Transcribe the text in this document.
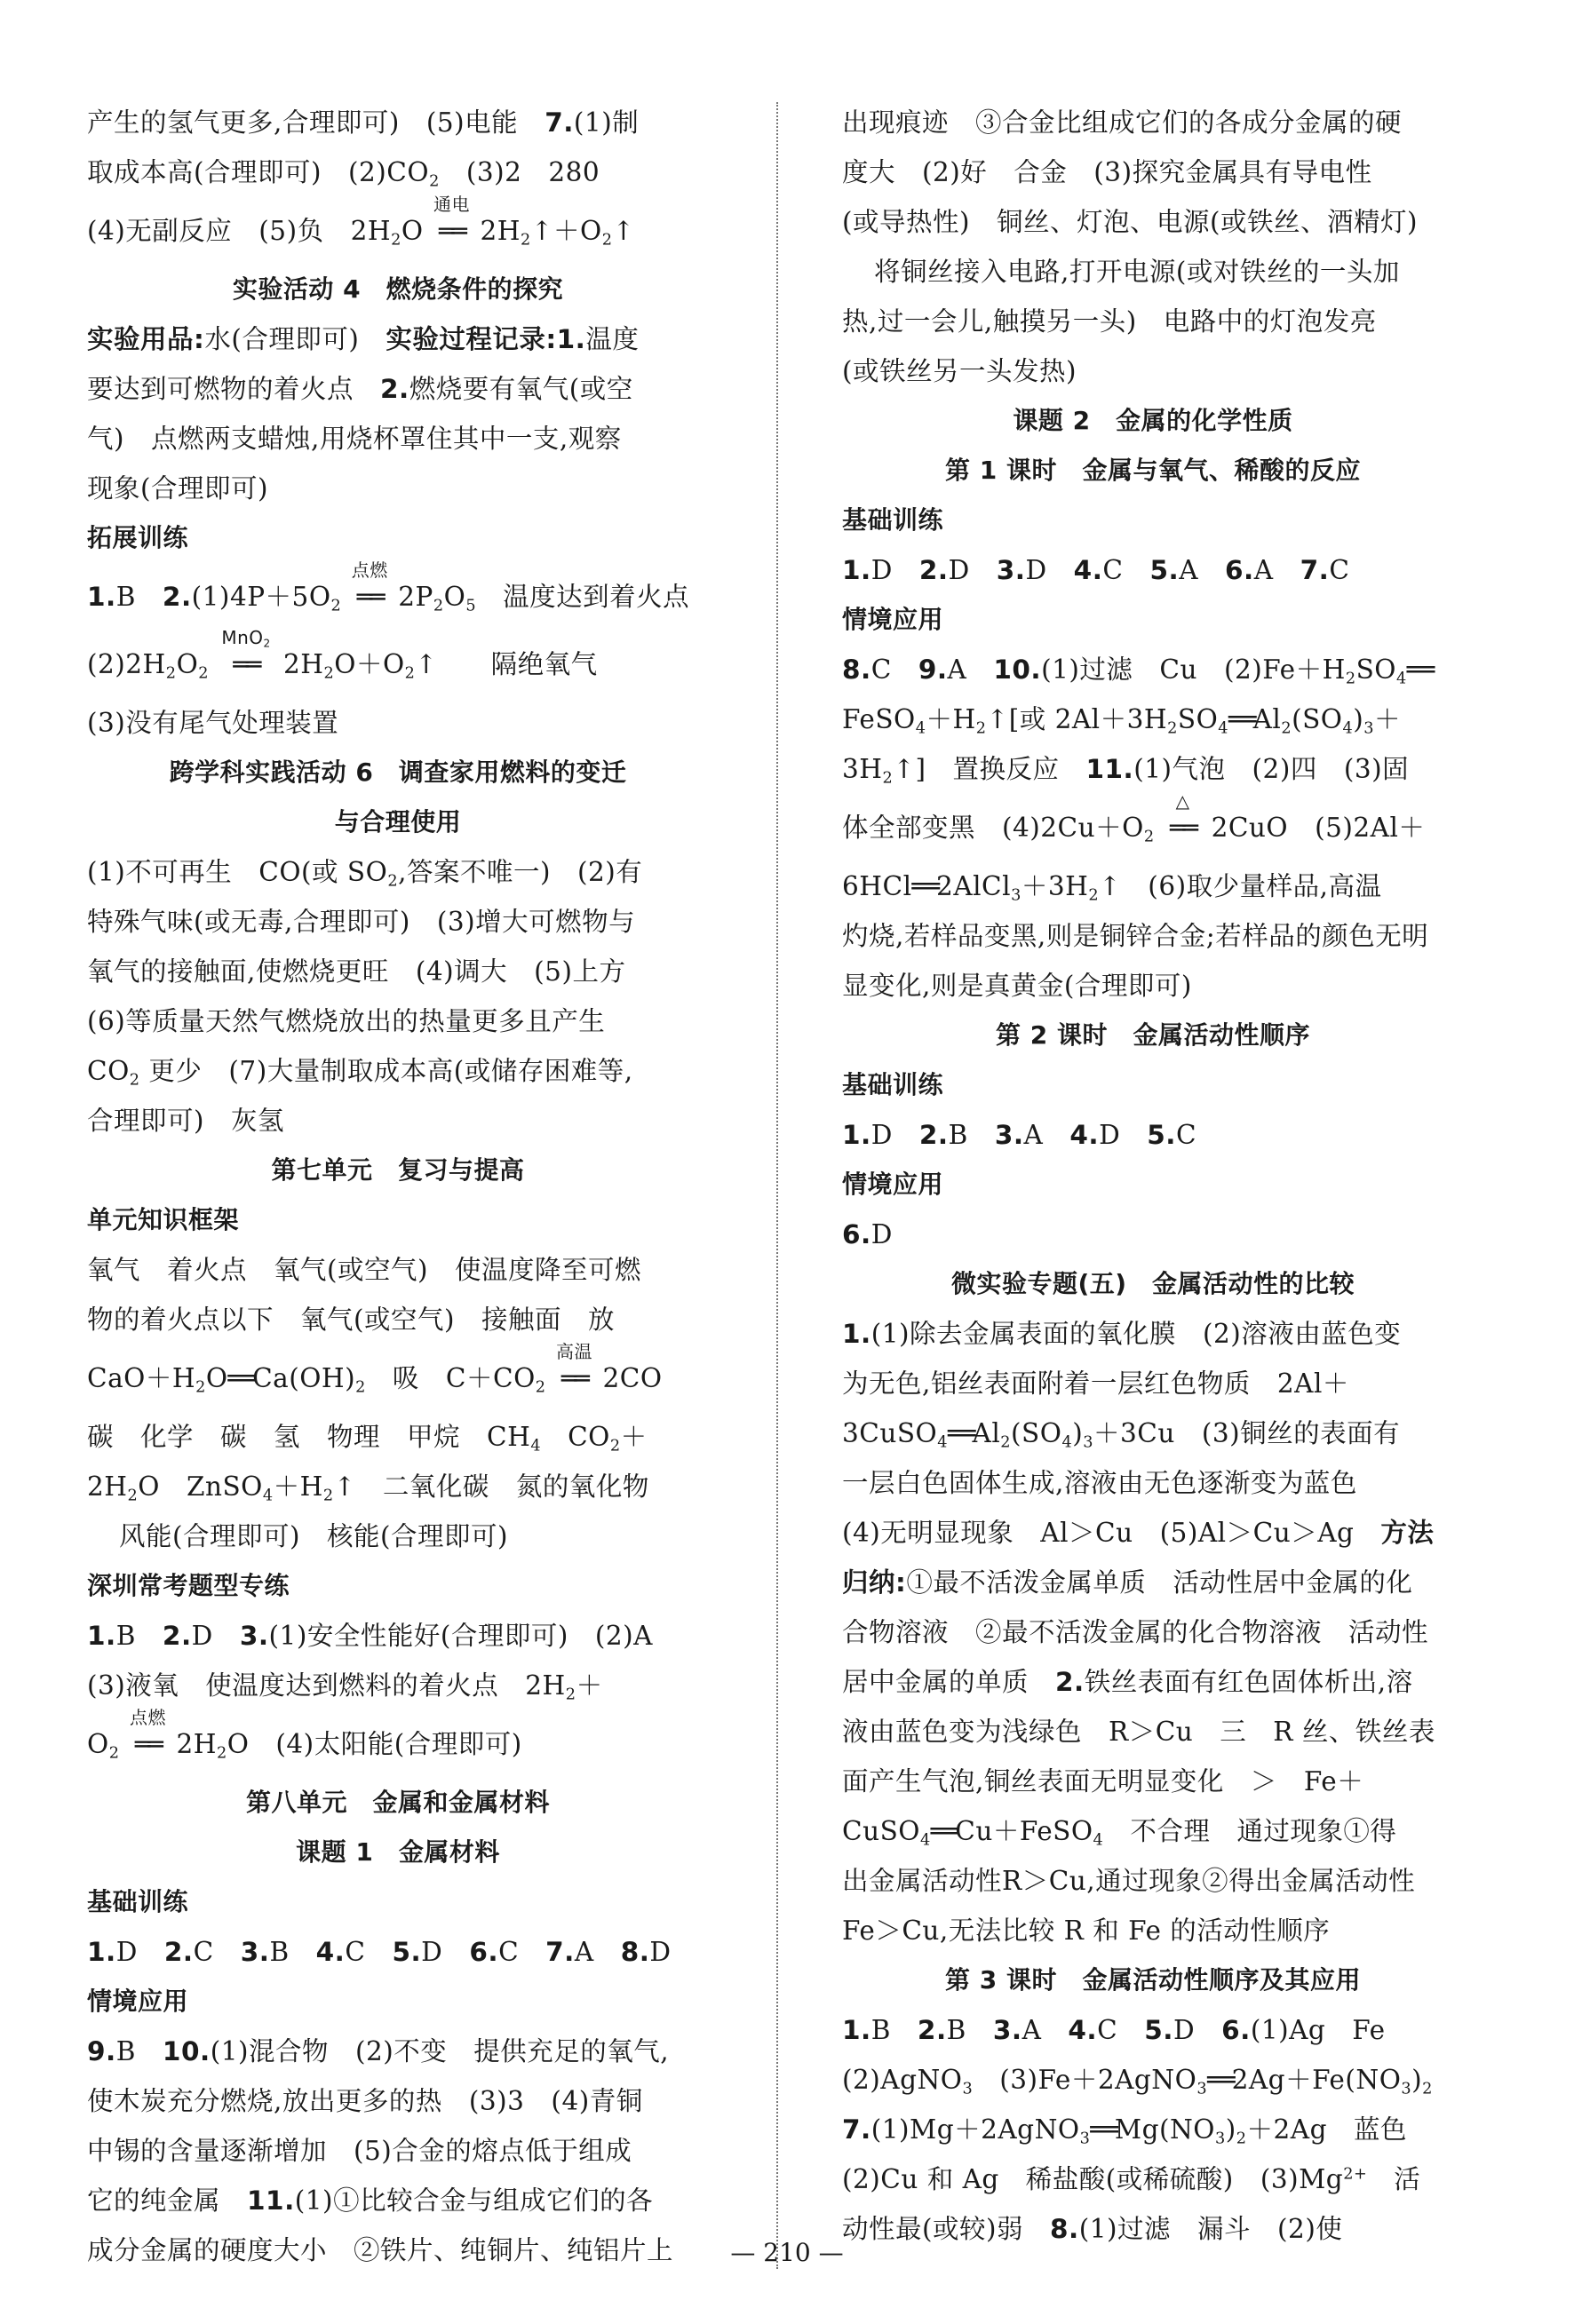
产生的氢气更多,合理即可)　(5)电能　7.(1)制
取成本高(合理即可)　$(2)CO_2$　 (3)2　280
(4)无副反应　(5)负　$2H_2O$
通电
══ $2H_2↑+O_2↑$
实验活动 4　燃烧条件的探究
实验用品:水(合理即可)　实验过程记录:1.温度
要达到可燃物的着火点　2.燃烧要有氧气(或空
气)　点燃两支蜡烛,用烧杯罩住其中一支,观察
现象(合理即可)
拓展训练
1.B　$2.(1)4P+5O_2$
点燃
══ $2P_2O_5$　温度达到着火点
$(2)2H_2O_2$
MnO$_2$
══ $2H_2O+O_2↑$　　隔绝氧气
(3)没有尾气处理装置
跨学科实践活动 6　调查家用燃料的变迁
与合理使用
(1)不可再生　CO(或 $SO_2$,答案不唯一)　(2)有
特殊气味(或无毒,合理即可)　(3)增大可燃物与
氧气的接触面,使燃烧更旺　(4)调大　(5)上方
(6)等质量天然气燃烧放出的热量更多且产生
$CO_2$ 更少　(7)大量制取成本高(或储存困难等,
合理即可)　灰氢
第七单元　复习与提高
单元知识框架
氧气　着火点　氧气(或空气)　使温度降至可燃
物的着火点以下　氧气(或空气)　接触面　放
$CaO+H_2O══Ca(OH)_2$　吸　$C+CO_2$
高温
══ 2CO
碳　化学　碳　氢　物理　甲烷　$CH_4$　$CO_2+$
$2H_2O$　$ZnSO_4+H_2↑$　二氧化碳　氮的氧化物
风能(合理即可)　核能(合理即可)
深圳常考题型专练
1.B　2.D　3.(1)安全性能好(合理即可)　(2)A
(3)液氧　使温度达到燃料的着火点　$2H_2+$
$O_2$
点燃
══ $2H_2O$　(4)太阳能(合理即可)
第八单元　金属和金属材料
课题 1　金属材料
基础训练
1.D　2.C　3.B　4.C　5.D　6.C　7.A　8.D　
情境应用
9.B　10.(1)混合物　(2)不变　提供充足的氧气,
使木炭充分燃烧,放出更多的热　(3)3　(4)青铜
中锡的含量逐渐增加　(5)合金的熔点低于组成
它的纯金属　11.(1)①比较合金与组成它们的各
成分金属的硬度大小　②铁片、纯铜片、纯铝片上
出现痕迹　③合金比组成它们的各成分金属的硬
度大　(2)好　合金　(3)探究金属具有导电性
(或导热性)　铜丝、灯泡、电源(或铁丝、酒精灯)
将铜丝接入电路,打开电源(或对铁丝的一头加
热,过一会儿,触摸另一头)　电路中的灯泡发亮
(或铁丝另一头发热)
课题 2　金属的化学性质
第 1 课时　金属与氧气、稀酸的反应
基础训练
1.D　2.D　3.D　4.C　5.A　6.A　7.C　
情境应用
8.C　9.A　10.(1)过滤　Cu　$(2)Fe+H_2SO_4══$
$FeSO_4+H_2↑$[或 $2Al+3H_2SO_4══Al_2(SO_4)_3+$
$3H_2↑$]　置换反应　11.(1)气泡　(2)四　(3)固
体全部变黑　$(4)2Cu+O_2$
△
══ 2CuO　(5)2Al＋
$6HCl══2AlCl_3+3H_2↑$　(6)取少量样品,高温
灼烧,若样品变黑,则是铜锌合金;若样品的颜色无明
显变化,则是真黄金(合理即可)
第 2 课时　金属活动性顺序
基础训练
1.D　2.B　3.A　4.D　5.C　
情境应用
6.D
微实验专题(五)　金属活动性的比较
1.(1)除去金属表面的氧化膜　(2)溶液由蓝色变
为无色,铝丝表面附着一层红色物质　2Al＋
$3CuSO_4══Al_2(SO_4)_3+3Cu$　(3)铜丝的表面有
一层白色固体生成,溶液由无色逐渐变为蓝色
(4)无明显现象　Al＞Cu　(5)Al＞Cu＞Ag　方法
归纳:①最不活泼金属单质　活动性居中金属的化
合物溶液　②最不活泼金属的化合物溶液　活动性
居中金属的单质　2.铁丝表面有红色固体析出,溶
液由蓝色变为浅绿色　R＞Cu　三　R 丝、铁丝表
面产生气泡,铜丝表面无明显变化　＞　Fe＋
CuSO$_4$══Cu＋FeSO$_4$　不合理　通过现象①得
出金属活动性R＞Cu,通过现象②得出金属活动性
Fe＞Cu,无法比较 R 和 Fe 的活动性顺序
第 3 课时　金属活动性顺序及其应用
1.B　2.B　3.A　4.C　5.D　6.(1)Ag　Fe
(2)AgNO$_3$　$(3)Fe+2AgNO_3══2Ag+Fe(NO_3)_2$
$7.(1)Mg+2AgNO_3══Mg(NO_3)_2+2Ag$　蓝色
(2)Cu 和 Ag　稀盐酸(或稀硫酸)　$(3)Mg^{2+}$　活
动性最(或较)弱　8.(1)过滤　漏斗　(2)使
— 210 —
